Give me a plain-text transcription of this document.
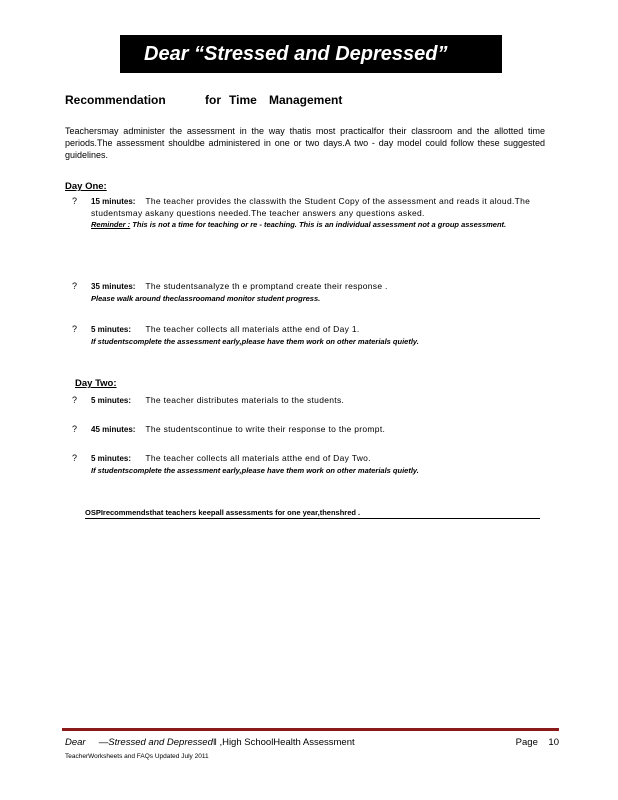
Dear “Stressed and Depressed”
Recommendation	for Time	Management

Teachersmay administer the assessment in the way thatis most practicalfor their classroom and the allotted time periods.The assessment shouldbe administered in one or two days.A two - day model could follow these suggested guidelines.

Day One:
? 15 minutes: The teacher provides the classwith the Student Copy of the assessment and reads it aloud.The studentsmay askany questions needed.The teacher answers any questions asked.
Reminder : This is not a time for teaching or re - teaching. This is an individual assessment not a group assessment.
? 35 minutes: The studentsanalyze th e promptand create their response .
Please walk around theclassroomand monitor student progress.
? 5 minutes: The teacher collects all materials atthe end of Day 1.
If studentscomplete the assessment early,please have them work on other materials quietly.
Day Two:
? 5 minutes: The teacher distributes materials to the students.
? 45 minutes: The studentscontinue to write their response to the prompt.
? 5 minutes: The teacher collects all materials atthe end of Day Two.
If studentscomplete the assessment early,please have them work on other materials quietly.
OSPIrecommendsthat teachers keepall assessments for one year,thenshred .
Dear —Stressed and Depressed‖ ,High SchoolHealth Assessment	Page 10
TeacherWorksheets and FAQs Updated July 2011
